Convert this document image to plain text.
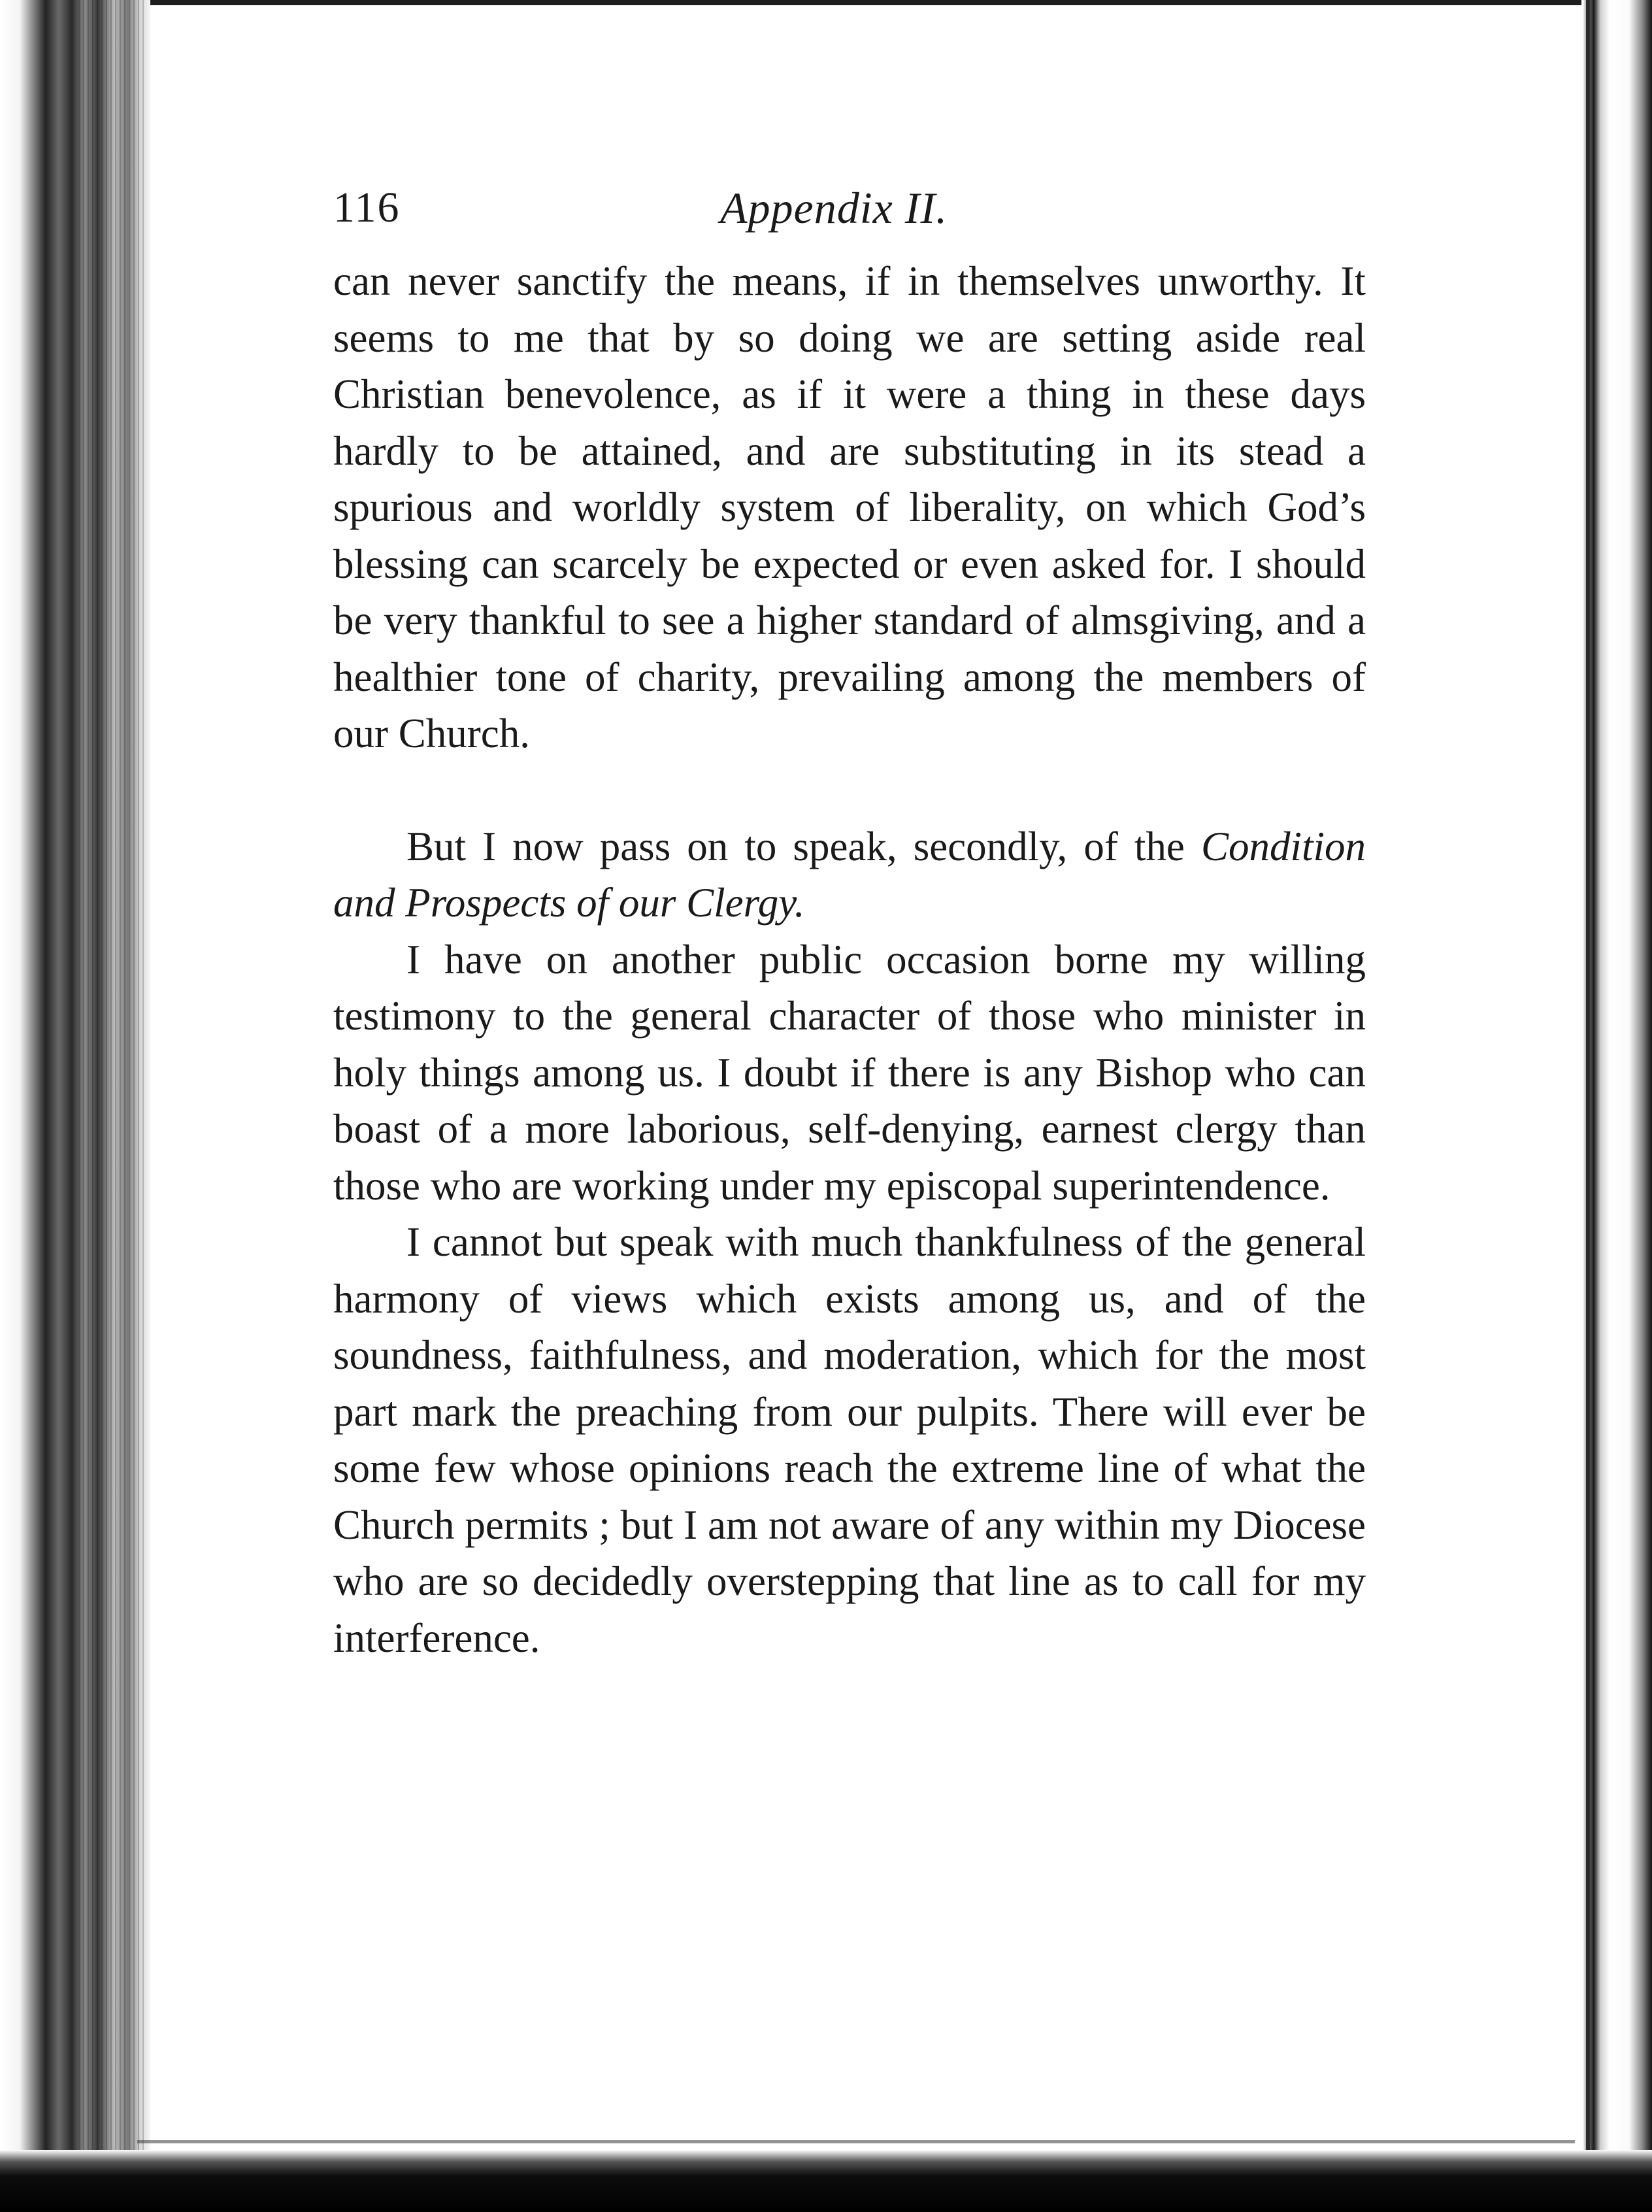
116	Appendix II.

can never sanctify the means, if in themselves unworthy. It seems to me that by so doing we are setting aside real Christian benevolence, as if it were a thing in these days hardly to be attained, and are substituting in its stead a spurious and worldly system of liberality, on which God’s blessing can scarcely be expected or even asked for. I should be very thankful to see a higher standard of almsgiving, and a healthier tone of charity, prevailing among the members of our Church.

But I now pass on to speak, secondly, of the Condition and Prospects of our Clergy.

I have on another public occasion borne my willing testimony to the general character of those who minister in holy things among us. I doubt if there is any Bishop who can boast of a more laborious, self-denying, earnest clergy than those who are working under my episcopal superintendence.

I cannot but speak with much thankfulness of the general harmony of views which exists among us, and of the soundness, faithfulness, and moderation, which for the most part mark the preaching from our pulpits. There will ever be some few whose opinions reach the extreme line of what the Church permits ; but I am not aware of any within my Diocese who are so decidedly overstepping that line as to call for my interference.
